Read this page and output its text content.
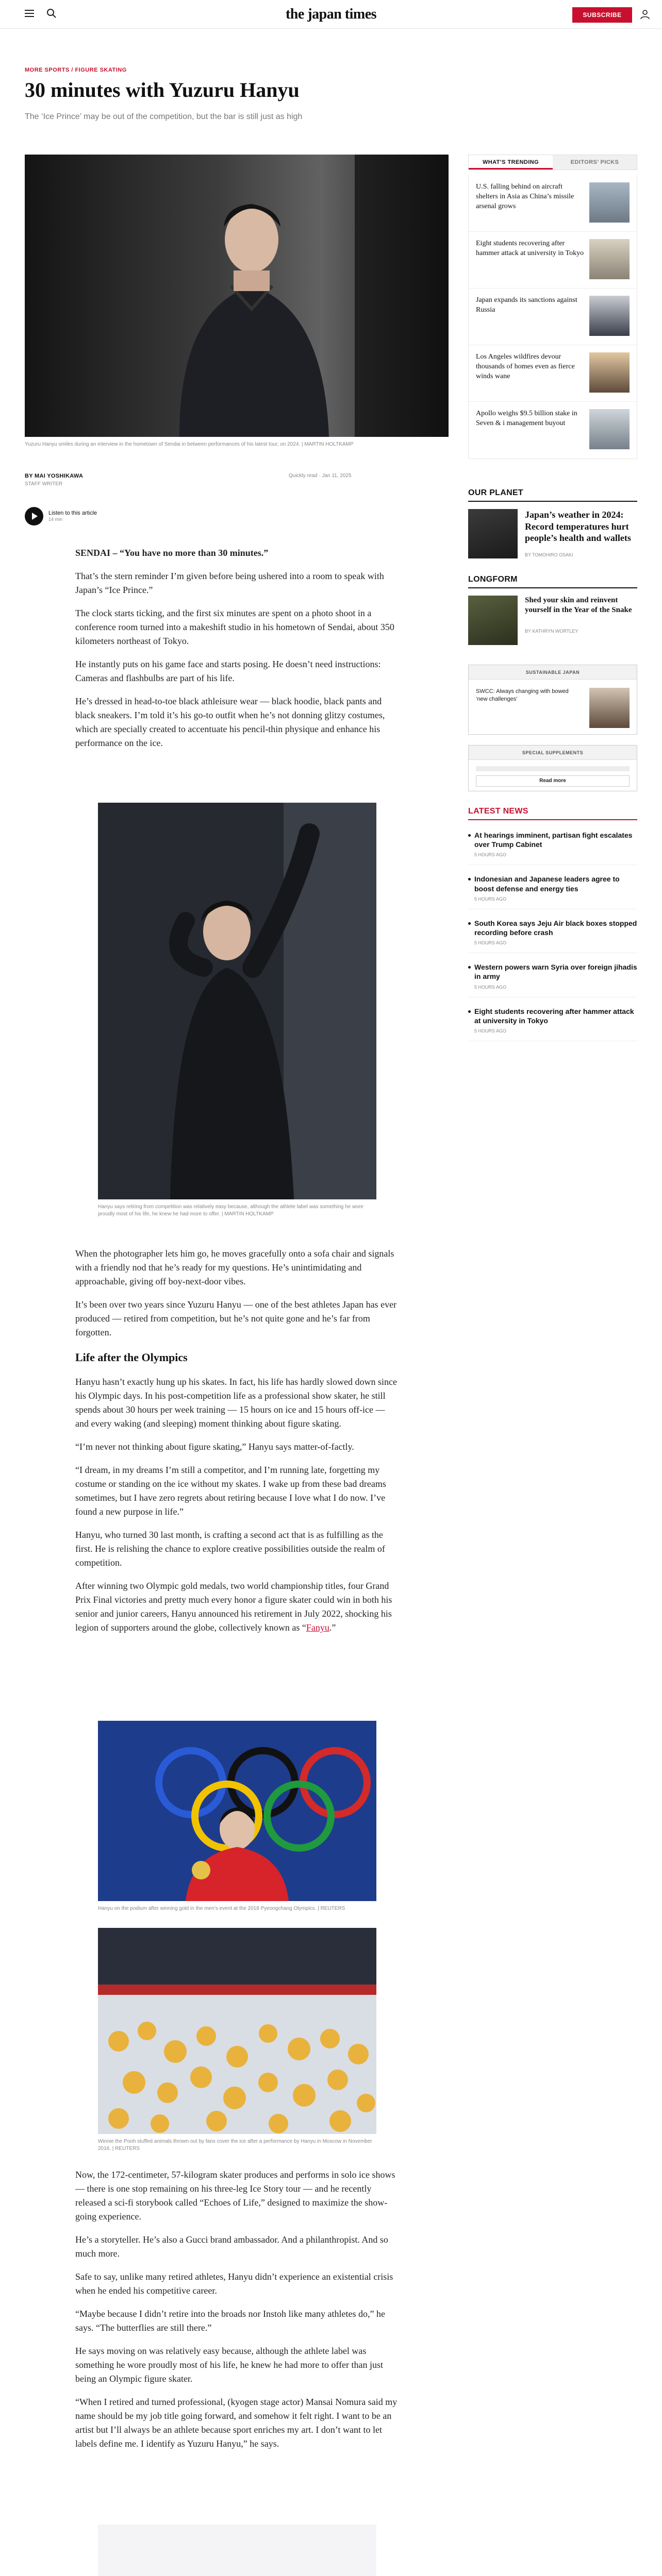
the japan times	SUBSCRIBE
MORE SPORTS / FIGURE SKATING
30 minutes with Yuzuru Hanyu
The ‘Ice Prince’ may be out of the competition, but the bar is still just as high
Yuzuru Hanyu smiles during an interview in the hometown of Sendai in between performances of his latest tour, on 2024. | MARTIN HOLTKAMP
BY MAI YOSHIKAWA
STAFF WRITER
Quickly read · Jan 11, 2025
Listen to this article
14 min

SENDAI – “You have no more than 30 minutes.”

That’s the stern reminder I’m given before being ushered into a room to speak with Japan’s “Ice Prince.”

The clock starts ticking, and the first six minutes are spent on a photo shoot in a conference room turned into a makeshift studio in his hometown of Sendai, about 350 kilometers northeast of Tokyo.

He instantly puts on his game face and starts posing. He doesn’t need instructions: Cameras and flashbulbs are part of his life.

He’s dressed in head-to-toe black athleisure wear — black hoodie, black pants and black sneakers. I’m told it’s his go-to outfit when he’s not donning glitzy costumes, which are specially created to accentuate his pencil-thin physique and enhance his performance on the ice.

Hanyu says retiring from competition was relatively easy because, although the athlete label was something he wore proudly most of his life, he knew he had more to offer. | MARTIN HOLTKAMP

When the photographer lets him go, he moves gracefully onto a sofa chair and signals with a friendly nod that he’s ready for my questions. He’s unintimidating and approachable, giving off boy-next-door vibes.

It’s been over two years since Yuzuru Hanyu — one of the best athletes Japan has ever produced — retired from competition, but he’s not quite gone and he’s far from forgotten.

Life after the Olympics

Hanyu hasn’t exactly hung up his skates. In fact, his life has hardly slowed down since his Olympic days. In his post-competition life as a professional show skater, he still spends about 30 hours per week training — 15 hours on ice and 15 hours off-ice — and every waking (and sleeping) moment thinking about figure skating.

“I’m never not thinking about figure skating,” Hanyu says matter-of-factly.

“I dream, in my dreams I’m still a competitor, and I’m running late, forgetting my costume or standing on the ice without my skates. I wake up from these bad dreams sometimes, but I have zero regrets about retiring because I love what I do now. I’ve found a new purpose in life.”

Hanyu, who turned 30 last month, is crafting a second act that is as fulfilling as the first. He is relishing the chance to explore creative possibilities outside the realm of competition.

After winning two Olympic gold medals, two world championship titles, four Grand Prix Final victories and pretty much every honor a figure skater could win in both his senior and junior careers, Hanyu announced his retirement in July 2022, shocking his legion of supporters around the globe, collectively known as “Fanyu.”

Hanyu on the podium after winning gold in the men’s event at the 2018 Pyeongchang Olympics. | REUTERS
Winnie the Pooh stuffed animals thrown out by fans cover the ice after a performance by Hanyu in Moscow in November 2016. | REUTERS

Now, the 172-centimeter, 57-kilogram skater produces and performs in solo ice shows — there is one stop remaining on his three-leg Ice Story tour — and he recently released a sci-fi storybook called “Echoes of Life,” designed to maximize the show-going experience.

He’s a storyteller. He’s also a Gucci brand ambassador. And a philanthropist. And so much more.

Safe to say, unlike many retired athletes, Hanyu didn’t experience an existential crisis when he ended his competitive career.

“Maybe because I didn’t retire into the broads nor Instoh like many athletes do,” he says. “The butterflies are still there.”

He says moving on was relatively easy because, although the athlete label was something he wore proudly most of his life, he knew he had more to offer than just being an Olympic figure skater.

“When I retired and turned professional, (kyogen stage actor) Mansai Nomura said my name should be my job title going forward, and somehow it felt right. I want to be an artist but I’ll always be an athlete because sport enriches my art. I don’t want to let labels define me. I identify as Yuzuru Hanyu,” he says.

WHAT’S TRENDING	EDITORS’ PICKS
U.S. falling behind on aircraft shelters in Asia as China’s missile arsenal grows
Eight students recovering after hammer attack at university in Tokyo
Japan expands its sanctions against Russia
Los Angeles wildfires devour thousands of homes even as fierce winds wane
Apollo weighs $9.5 billion stake in Seven & i management buyout
OUR PLANET
Japan’s weather in 2024: Record temperatures hurt people’s health and wallets
BY TOMOHIRO OSAKI
LONGFORM
Shed your skin and reinvent yourself in the Year of the Snake
BY KATHRYN WORTLEY
SUSTAINABLE JAPAN
SWCC: Always changing with bowed ‘new challenges’
SPECIAL SUPPLEMENTS
Read more
LATEST NEWS
At hearings imminent, partisan fight escalates over Trump Cabinet
5 HOURS AGO
Indonesian and Japanese leaders agree to boost defense and energy ties
5 HOURS AGO
South Korea says Jeju Air black boxes stopped recording before crash
5 HOURS AGO
Western powers warn Syria over foreign jihadis in army
5 HOURS AGO
Eight students recovering after hammer attack at university in Tokyo
5 HOURS AGO
